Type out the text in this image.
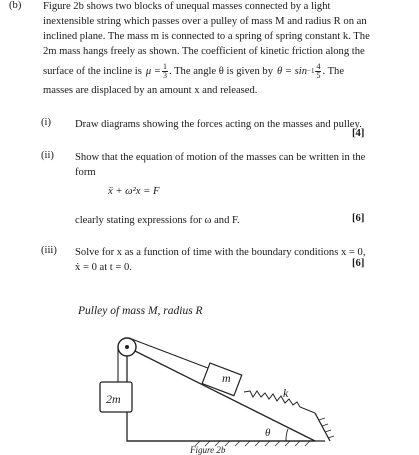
(b) Figure 2b shows two blocks of unequal masses connected by a light
inextensible string which passes over a pulley of mass M and radius R on an
inclined plane. The mass m is connected to a spring of spring constant k. The
2m mass hangs freely as shown. The coefficient of kinetic friction along the
surface of the incline is $\mu = \frac{1}{3}$ . The angle θ is given by $\theta = \sin -1 \frac{4}{5}$ . The
masses are displaced by an amount x and released.
(i) Draw diagrams showing the forces acting on the masses and pulley.
[4]
(ii) Show that the equation of motion of the masses can be written in the
form
ẍ + ω²x = F
clearly stating expressions for ω and F.	[6]
(iii) Solve for x as a function of time with the boundary conditions x = 0,
ẋ = 0 at t = 0.	[6]
Pulley of mass M, radius R
m
k
θ
2m
Figure 2b
